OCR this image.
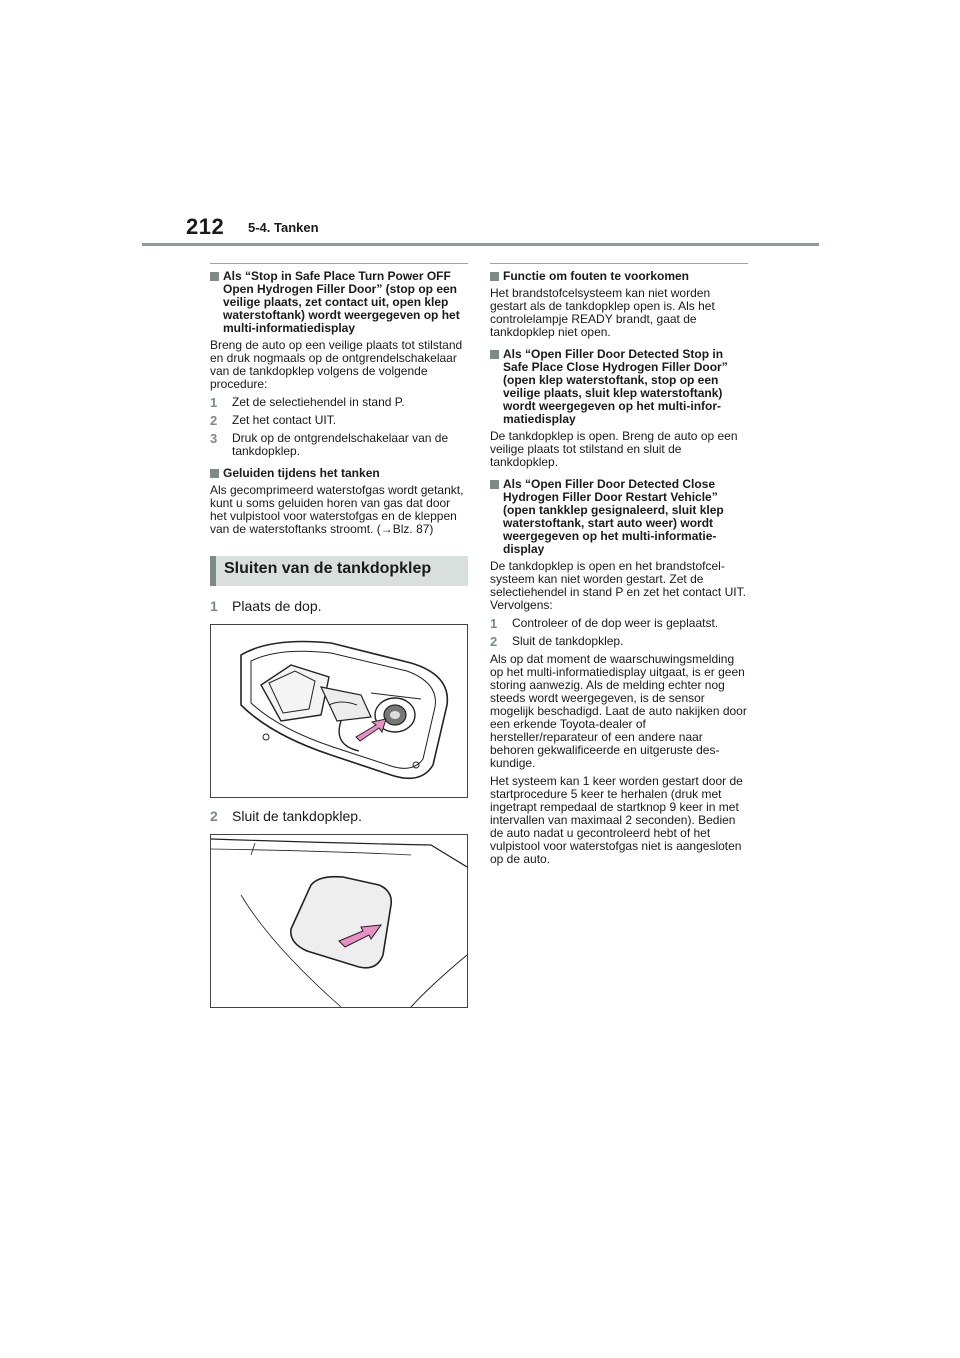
212 5-4. Tanken
Als “Stop in Safe Place Turn Power OFF Open Hydrogen Filler Door” (stop op een veilige plaats, zet contact uit, open klep waterstoftank) wordt weergegeven op het multi-informatiedisplay

Breng de auto op een veilige plaats tot stilstand en druk nogmaals op de ontgrendelschakelaar van de tankdopklep volgens de volgende procedure:

1 Zet de selectiehendel in stand P.
2 Zet het contact UIT.
3 Druk op de ontgrendelschakelaar van de tankdopklep.
Geluiden tijdens het tanken

Als gecomprimeerd waterstofgas wordt getankt, kunt u soms geluiden horen van gas dat door het vulpistool voor waterstofgas en de kleppen van de waterstoftanks stroomt. (→Blz. 87)

Sluiten van de tankdopklep
1 Plaats de dop.
2 Sluit de tankdopklep.
Functie om fouten te voorkomen

Het brandstofcelsysteem kan niet worden gestart als de tankdopklep open is. Als het controlelampje READY brandt, gaat de tankdopklep niet open.

Als “Open Filler Door Detected Stop in Safe Place Close Hydrogen Filler Door” (open klep waterstoftank, stop op een veilige plaats, sluit klep waterstoftank) wordt weergegeven op het multi-informatiedisplay

De tankdopklep is open. Breng de auto op een veilige plaats tot stilstand en sluit de tankdopklep.

Als “Open Filler Door Detected Close Hydrogen Filler Door Restart Vehicle” (open tankklep gesignaleerd, sluit klep waterstoftank, start auto weer) wordt weergegeven op het multi-informatiedisplay

De tankdopklep is open en het brandstofcelsysteem kan niet worden gestart. Zet de selectiehendel in stand P en zet het contact UIT. Vervolgens:

1 Controleer of de dop weer is geplaatst.
2 Sluit de tankdopklep.

Als op dat moment de waarschuwingsmelding op het multi-informatiedisplay uitgaat, is er geen storing aanwezig. Als de melding echter nog steeds wordt weergegeven, is de sensor mogelijk beschadigd. Laat de auto nakijken door een erkende Toyota-dealer of hersteller/reparateur of een andere naar behoren gekwalificeerde en uitgeruste deskundige.

Het systeem kan 1 keer worden gestart door de startprocedure 5 keer te herhalen (druk met ingetrapt rempedaal de startknop 9 keer in met intervallen van maximaal 2 seconden). Bedien de auto nadat u gecontroleerd hebt of het vulpistool voor waterstofgas niet is aangesloten op de auto.
